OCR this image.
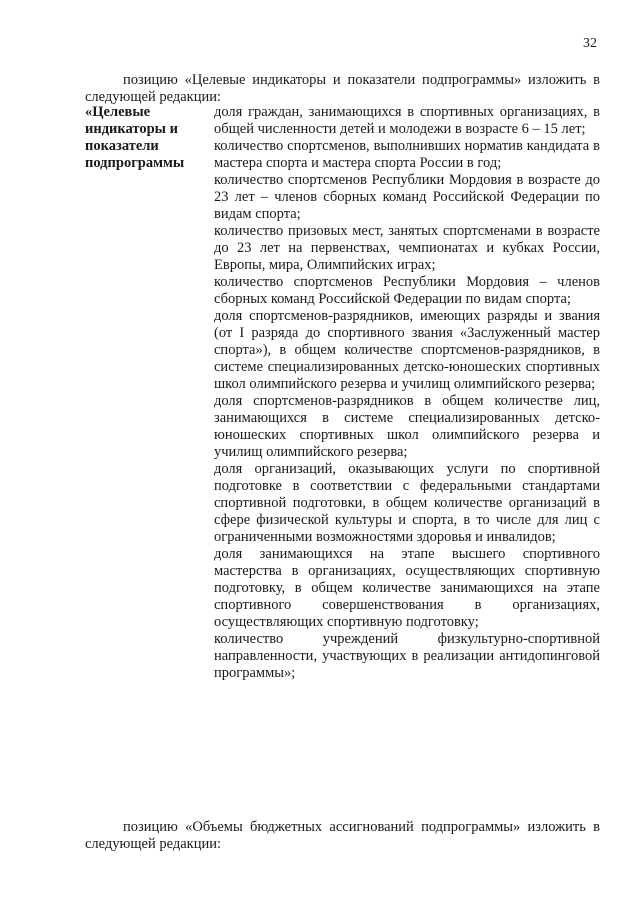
32

позицию «Целевые индикаторы и показатели подпрограммы» изложить в следующей редакции:

«Целевые индикаторы и показатели подпрограммы

доля граждан, занимающихся в спортивных организациях, в общей численности детей и молодежи в возрасте 6 – 15 лет;

количество спортсменов, выполнивших норматив кандидата в мастера спорта и мастера спорта России в год;

количество спортсменов Республики Мордовия в возрасте до 23 лет – членов сборных команд Российской Федерации по видам спорта;

количество призовых мест, занятых спортсменами в возрасте до 23 лет на первенствах, чемпионатах и кубках России, Европы, мира, Олимпийских играх;

количество спортсменов Республики Мордовия – членов сборных команд Российской Федерации по видам спорта;

доля спортсменов-разрядников, имеющих разряды и звания (от I разряда до спортивного звания «Заслуженный мастер спорта»), в общем количестве спортсменов-разрядников, в системе специализированных детско-юношеских спортивных школ олимпийского резерва и училищ олимпийского резерва;

доля спортсменов-разрядников в общем количестве лиц, занимающихся в системе специализированных детско-юношеских спортивных школ олимпийского резерва и училищ олимпийского резерва;

доля организаций, оказывающих услуги по спортивной подготовке в соответствии с федеральными стандартами спортивной подготовки, в общем количестве организаций в сфере физической культуры и спорта, в то числе для лиц с ограниченными возможностями здоровья и инвалидов;

доля занимающихся на этапе высшего спортивного мастерства в организациях, осуществляющих спортивную подготовку, в общем количестве занимающихся на этапе спортивного совершенствования в организациях, осуществляющих спортивную подготовку;

количество учреждений физкультурно-спортивной направленности, участвующих в реализации антидопинговой программы»;

позицию «Объемы бюджетных ассигнований подпрограммы» изложить в следующей редакции:
